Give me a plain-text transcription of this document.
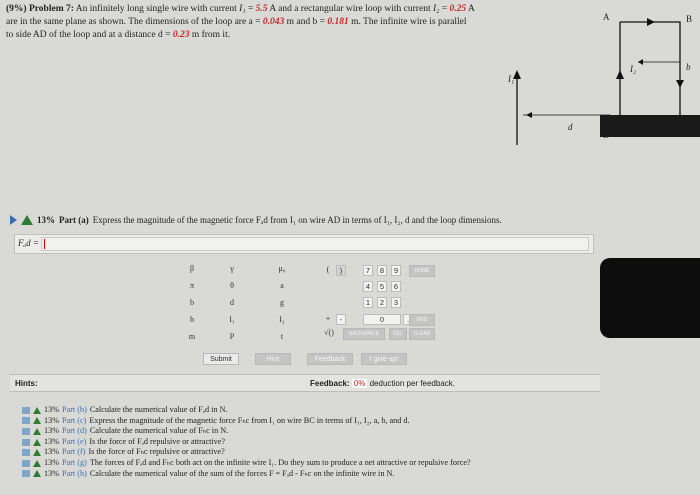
(9%) Problem 7: An infinitely long single wire with current I₁ = 5.5 A and a rectangular wire loop with current I₂ = 0.25 A are in the same plane as shown. The dimensions of the loop are a = 0.043 m and b = 0.181 m. The infinite wire is parallel to side AD of the loop and at a distance d = 0.23 m from it.
I₁
I₂
A	B
b
d
13% Part (a) Express the magnitude of the magnetic force Fₐd from I₁ on wire AD in terms of I₁, I₂, d and the loop dimensions.
Fₐd =
β
π
b
h
m
γ
θ
d
I₁
P
μ₀
a
g
I₂
t
(	)
+	-
√()
7	8	9
4	5	6
1	2	3
0	.
HOME
END
BACKSPACE	DEL	CLEAR
Submit	Hint	Feedback	I give up!
Hints:	Feedback: 0% deduction per feedback.
13% Part (b) Calculate the numerical value of Fₐd in N.
13% Part (c) Express the magnitude of the magnetic force Fₕc from I₁ on wire BC in terms of I₁, I₂, a, b, and d.
13% Part (d) Calculate the numerical value of Fₕc in N.
13% Part (e) Is the force of Fₐd repulsive or attractive?
13% Part (f) Is the force of Fₕc repulsive or attractive?
13% Part (g) The forces of Fₐd and Fₕc both act on the infinite wire I₁. Do they sum to produce a net attractive or repulsive force?
13% Part (h) Calculate the numerical value of the sum of the forces F = Fₐd - Fₕc on the infinite wire in N.
